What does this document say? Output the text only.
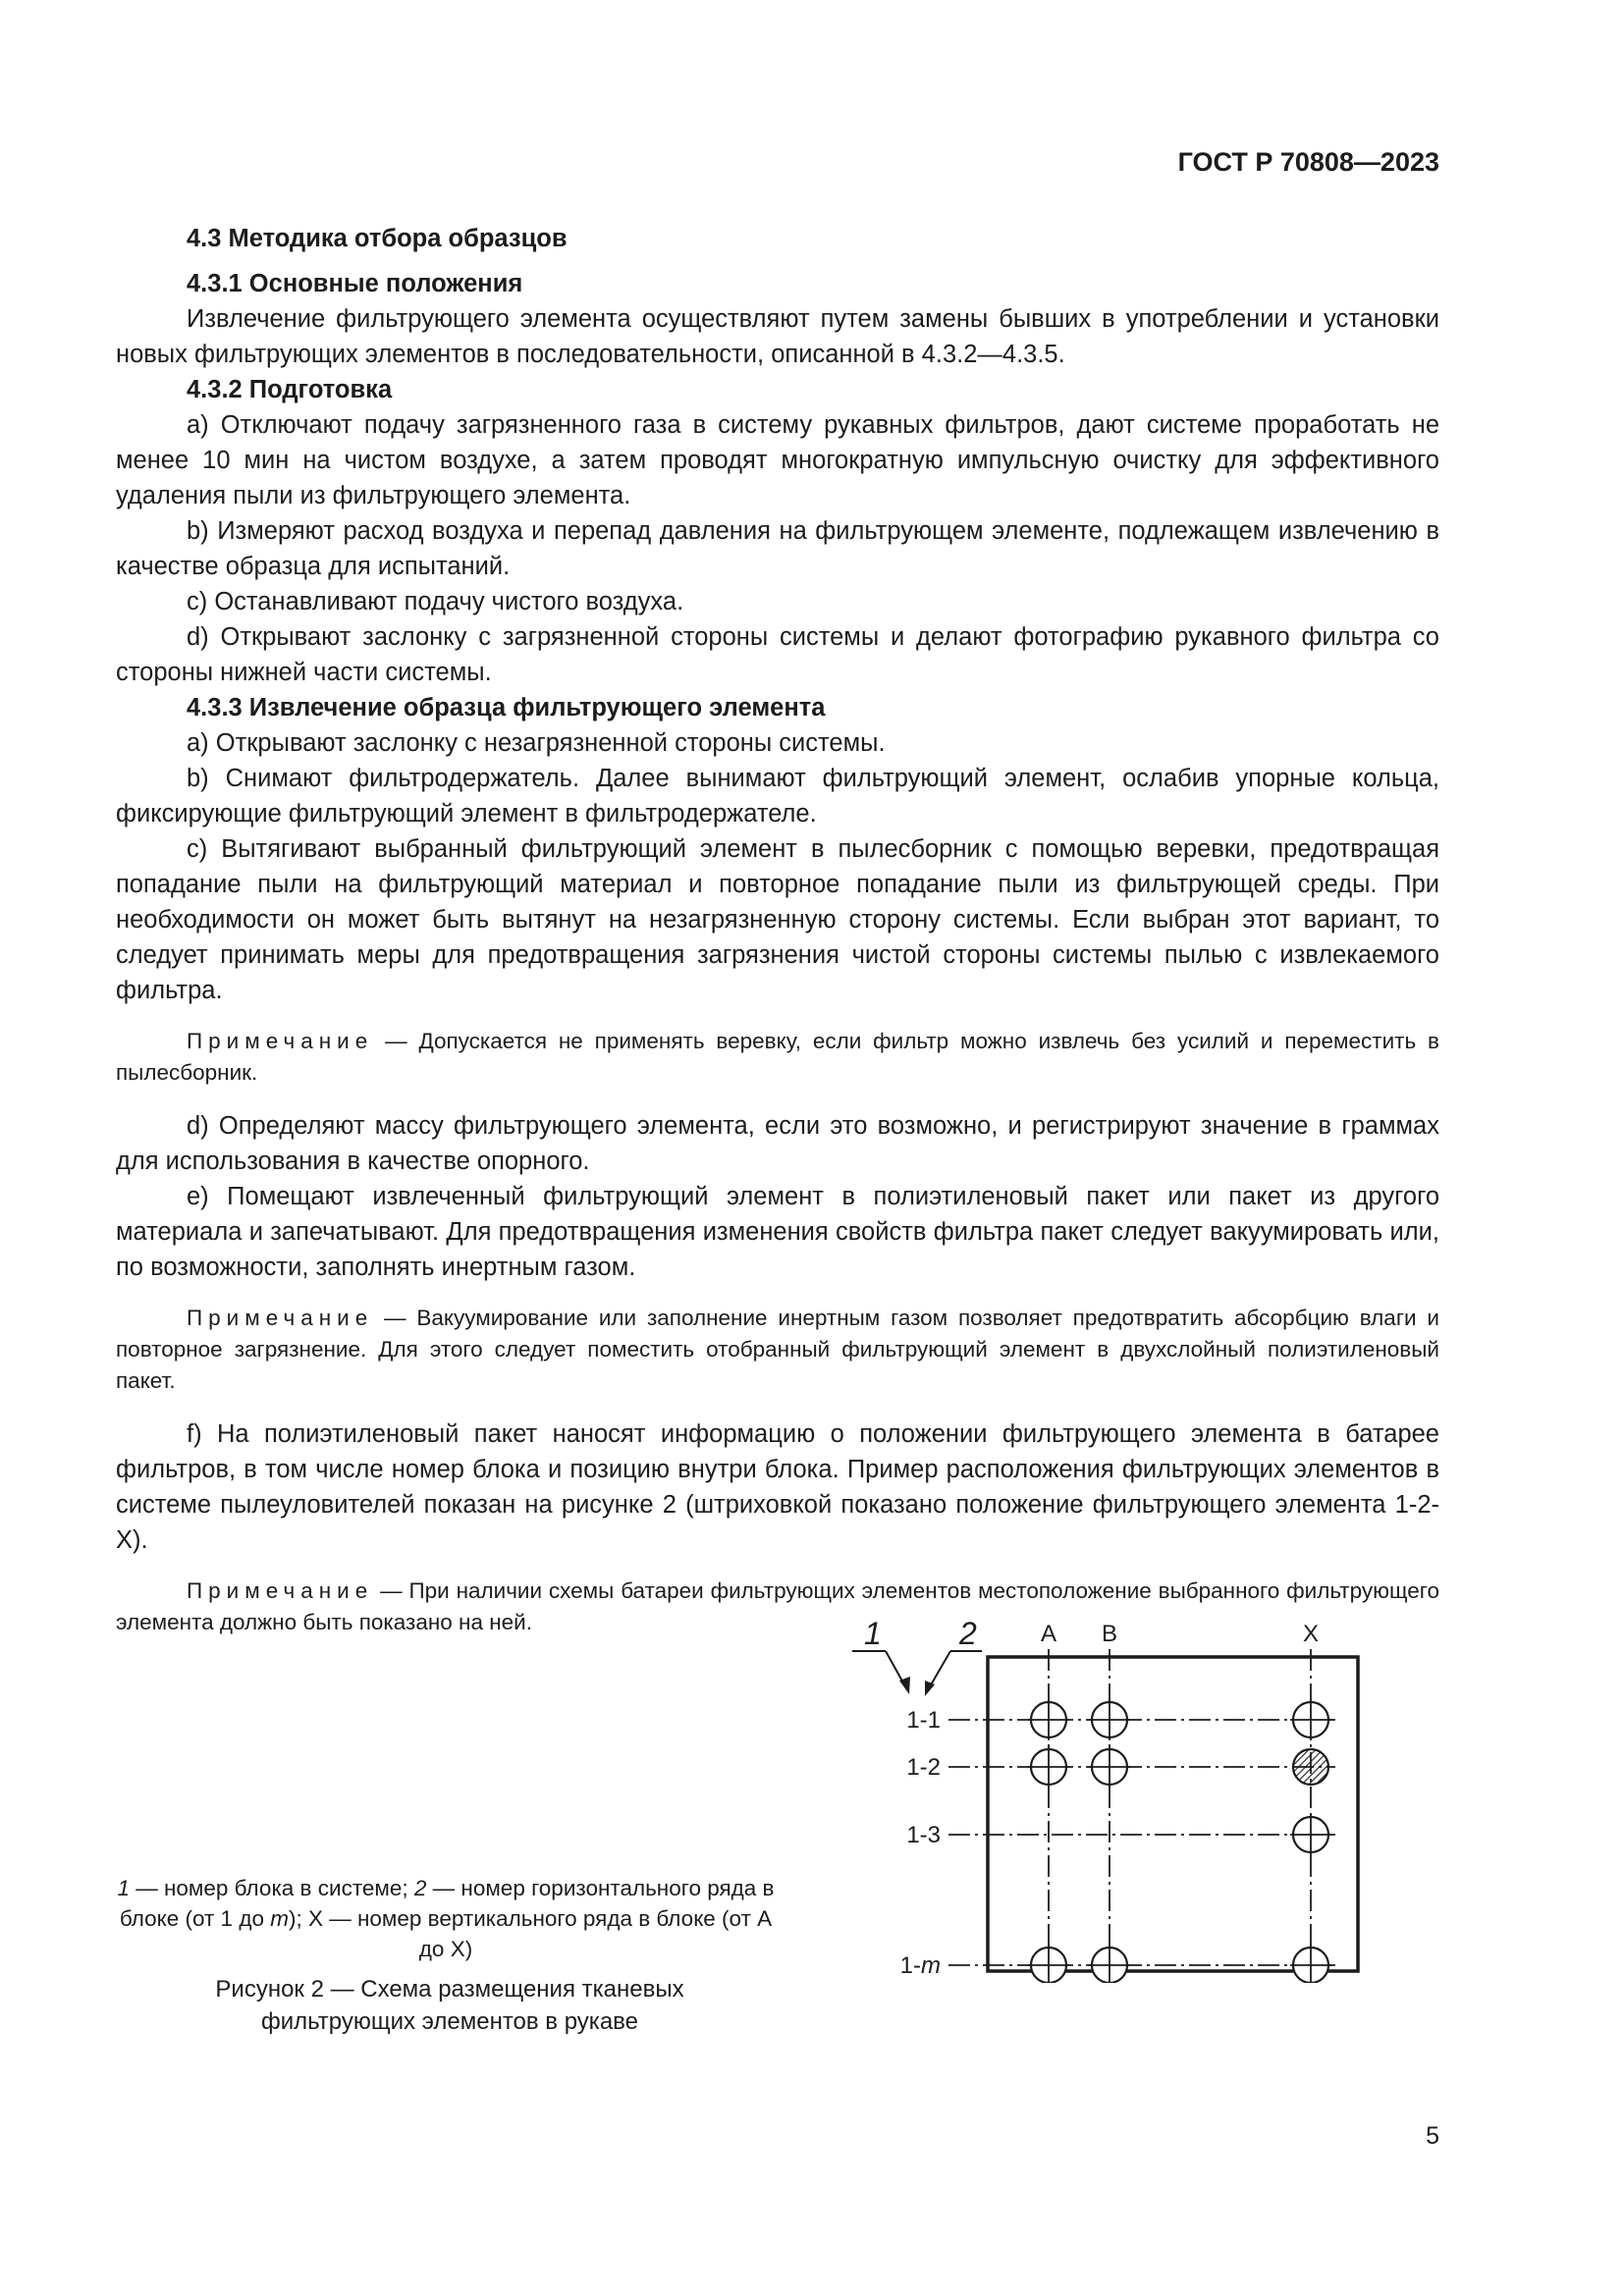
ГОСТ Р 70808—2023

4.3 Методика отбора образцов

4.3.1 Основные положения

Извлечение фильтрующего элемента осуществляют путем замены бывших в употреблении и установки новых фильтрующих элементов в последовательности, описанной в 4.3.2—4.3.5.

4.3.2 Подготовка

а) Отключают подачу загрязненного газа в систему рукавных фильтров, дают системе проработать не менее 10 мин на чистом воздухе, а затем проводят многократную импульсную очистку для эффективного удаления пыли из фильтрующего элемента.

b) Измеряют расход воздуха и перепад давления на фильтрующем элементе, подлежащем извлечению в качестве образца для испытаний.

с) Останавливают подачу чистого воздуха.

d) Открывают заслонку с загрязненной стороны системы и делают фотографию рукавного фильтра со стороны нижней части системы.

4.3.3 Извлечение образца фильтрующего элемента

а) Открывают заслонку с незагрязненной стороны системы.

b) Снимают фильтродержатель. Далее вынимают фильтрующий элемент, ослабив упорные кольца, фиксирующие фильтрующий элемент в фильтродержателе.

с) Вытягивают выбранный фильтрующий элемент в пылесборник с помощью веревки, предотвращая попадание пыли на фильтрующий материал и повторное попадание пыли из фильтрующей среды. При необходимости он может быть вытянут на незагрязненную сторону системы. Если выбран этот вариант, то следует принимать меры для предотвращения загрязнения чистой стороны системы пылью с извлекаемого фильтра.

Примечание — Допускается не применять веревку, если фильтр можно извлечь без усилий и переместить в пылесборник.

d) Определяют массу фильтрующего элемента, если это возможно, и регистрируют значение в граммах для использования в качестве опорного.

е) Помещают извлеченный фильтрующий элемент в полиэтиленовый пакет или пакет из другого материала и запечатывают. Для предотвращения изменения свойств фильтра пакет следует вакуумировать или, по возможности, заполнять инертным газом.

Примечание — Вакуумирование или заполнение инертным газом позволяет предотвратить абсорбцию влаги и повторное загрязнение. Для этого следует поместить отобранный фильтрующий элемент в двухслойный полиэтиленовый пакет.

f) На полиэтиленовый пакет наносят информацию о положении фильтрующего элемента в батарее фильтров, в том числе номер блока и позицию внутри блока. Пример расположения фильтрующих элементов в системе пылеуловителей показан на рисунке 2 (штриховкой показано положение фильтрующего элемента 1-2-Х).

Примечание — При наличии схемы батареи фильтрующих элементов местоположение выбранного фильтрующего элемента должно быть показано на ней.

1 — номер блока в системе; 2 — номер горизонтального ряда в блоке (от 1 до m); Х — номер вертикального ряда в блоке (от А до Х)
Рисунок 2 — Схема размещения тканевых фильтрующих элементов в рукаве
1 2	А В	Х
1-1
1-2
1-3
1-m
5
